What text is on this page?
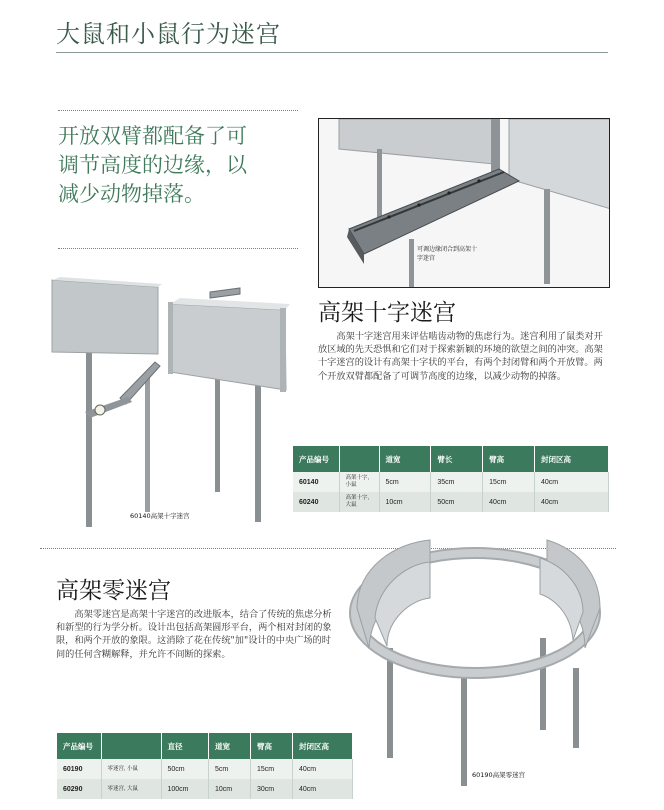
大鼠和小鼠行为迷宫
开放双臂都配备了可
调节高度的边缘，以
减少动物掉落。
可调边缘闭合到高架十
字迷宫
60140高架十字迷宫
高架十字迷宫
高架十字迷宫用来评估啮齿动物的焦虑行为。迷宫利用了鼠类对开放区域的先天恐惧和它们对于探索新颖的环境的欲望之间的冲突。高架十字迷宫的设计有高架十字状的平台，有两个封闭臂和两个开放臂。两个开放双臂都配备了可调节高度的边缘，以减少动物的掉落。
产品编号		道宽	臂长	臂高	封闭区高
60140	高架十字, 小鼠	5cm	35cm	15cm	40cm
60240	高架十字, 大鼠	10cm	50cm	40cm	40cm
高架零迷宫
高架零迷宫是高架十字迷宫的改进版本，结合了传统的焦虑分析和新型的行为学分析。设计出包括高架圆形平台，两个相对封闭的象限，和两个开放的象限。这消除了花在传统"加"设计的中央广场的时间的任何含糊解释，并允许不间断的探索。
60190高架零迷宫
产品编号		直径	道宽	臂高	封闭区高
60190	零迷宫, 小鼠	50cm	5cm	15cm	40cm
60290	零迷宫, 大鼠	100cm	10cm	30cm	40cm
